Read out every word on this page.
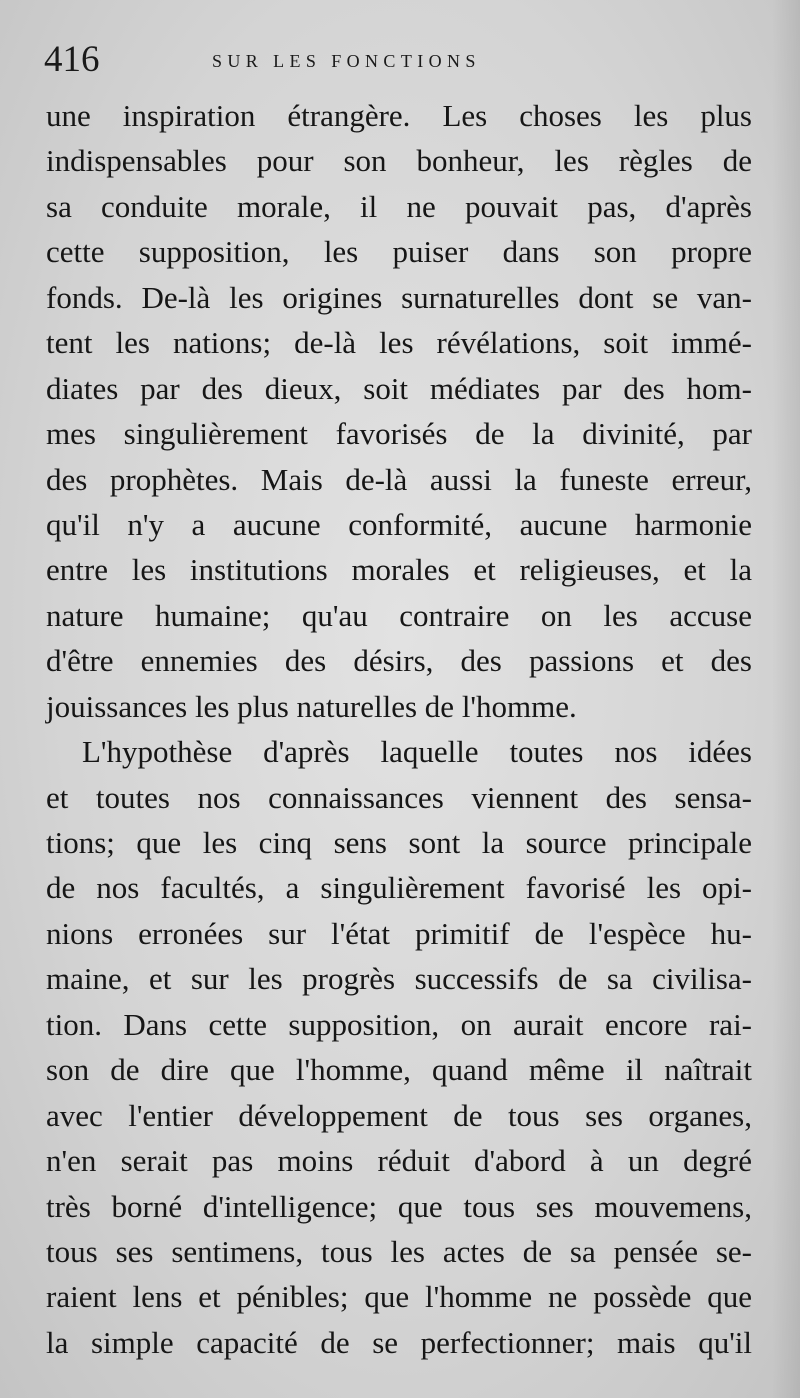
416	SUR LES FONCTIONS
une inspiration étrangère. Les choses les plus
indispensables pour son bonheur, les règles de
sa conduite morale, il ne pouvait pas, d'après
cette supposition, les puiser dans son propre
fonds. De-là les origines surnaturelles dont se van-
tent les nations; de-là les révélations, soit immé-
diates par des dieux, soit médiates par des hom-
mes singulièrement favorisés de la divinité, par
des prophètes. Mais de-là aussi la funeste erreur,
qu'il n'y a aucune conformité, aucune harmonie
entre les institutions morales et religieuses, et la
nature humaine; qu'au contraire on les accuse
d'être ennemies des désirs, des passions et des
jouissances les plus naturelles de l'homme.
L'hypothèse d'après laquelle toutes nos idées
et toutes nos connaissances viennent des sensa-
tions; que les cinq sens sont la source principale
de nos facultés, a singulièrement favorisé les opi-
nions erronées sur l'état primitif de l'espèce hu-
maine, et sur les progrès successifs de sa civilisa-
tion. Dans cette supposition, on aurait encore rai-
son de dire que l'homme, quand même il naîtrait
avec l'entier développement de tous ses organes,
n'en serait pas moins réduit d'abord à un degré
très borné d'intelligence; que tous ses mouvemens,
tous ses sentimens, tous les actes de sa pensée se-
raient lens et pénibles; que l'homme ne possède que
la simple capacité de se perfectionner; mais qu'il
